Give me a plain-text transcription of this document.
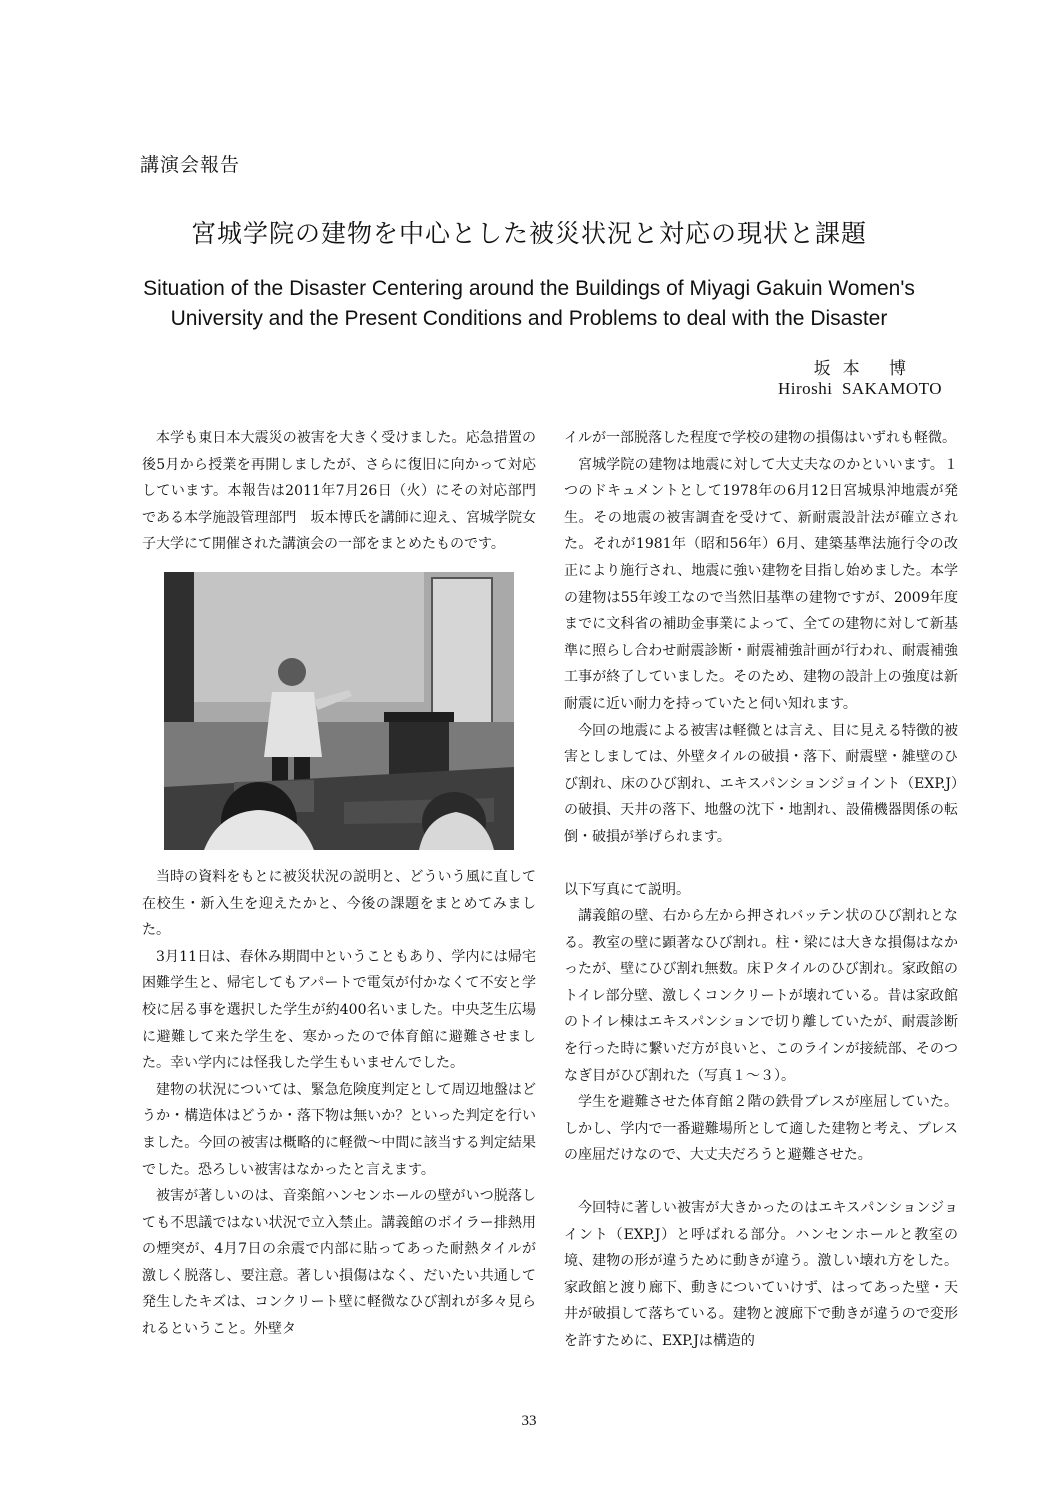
講演会報告
宮城学院の建物を中心とした被災状況と対応の現状と課題
Situation of the Disaster Centering around the Buildings of Miyagi Gakuin Women's
University and the Present Conditions and Problems to deal with the Disaster
坂本 博
Hiroshi  SAKAMOTO

本学も東日本大震災の被害を大きく受けました。応急措置の後5月から授業を再開しましたが、さらに復旧に向かって対応しています。本報告は2011年7月26日（火）にその対応部門である本学施設管理部門　坂本博氏を講師に迎え、宮城学院女子大学にて開催された講演会の一部をまとめたものです。

当時の資料をもとに被災状況の説明と、どういう風に直して在校生・新入生を迎えたかと、今後の課題をまとめてみました。

3月11日は、春休み期間中ということもあり、学内には帰宅困難学生と、帰宅してもアパートで電気が付かなくて不安と学校に居る事を選択した学生が約400名いました。中央芝生広場に避難して来た学生を、寒かったので体育館に避難させました。幸い学内には怪我した学生もいませんでした。

建物の状況については、緊急危険度判定として周辺地盤はどうか・構造体はどうか・落下物は無いか？といった判定を行いました。今回の被害は概略的に軽微〜中間に該当する判定結果でした。恐ろしい被害はなかったと言えます。

被害が著しいのは、音楽館ハンセンホールの壁がいつ脱落しても不思議ではない状況で立入禁止。講義館のボイラー排熱用の煙突が、4月7日の余震で内部に貼ってあった耐熱タイルが激しく脱落し、要注意。著しい損傷はなく、だいたい共通して発生したキズは、コンクリート壁に軽微なひび割れが多々見られるということ。外壁タ

イルが一部脱落した程度で学校の建物の損傷はいずれも軽微。

宮城学院の建物は地震に対して大丈夫なのかといいます。１つのドキュメントとして1978年の6月12日宮城県沖地震が発生。その地震の被害調査を受けて、新耐震設計法が確立された。それが1981年（昭和56年）6月、建築基準法施行令の改正により施行され、地震に強い建物を目指し始めました。本学の建物は55年竣工なので当然旧基準の建物ですが、2009年度までに文科省の補助金事業によって、全ての建物に対して新基準に照らし合わせ耐震診断・耐震補強計画が行われ、耐震補強工事が終了していました。そのため、建物の設計上の強度は新耐震に近い耐力を持っていたと伺い知れます。

今回の地震による被害は軽微とは言え、目に見える特徴的被害としましては、外壁タイルの破損・落下、耐震壁・雑壁のひび割れ、床のひび割れ、エキスパンションジョイント（EXP.J）の破損、天井の落下、地盤の沈下・地割れ、設備機器関係の転倒・破損が挙げられます。

以下写真にて説明。

講義館の壁、右から左から押されバッテン状のひび割れとなる。教室の壁に顕著なひび割れ。柱・梁には大きな損傷はなかったが、壁にひび割れ無数。床Ｐタイルのひび割れ。家政館のトイレ部分壁、激しくコンクリートが壊れている。昔は家政館のトイレ棟はエキスパンションで切り離していたが、耐震診断を行った時に繋いだ方が良いと、このラインが接続部、そのつなぎ目がひび割れた（写真１〜３）。

学生を避難させた体育館２階の鉄骨ブレスが座屈していた。しかし、学内で一番避難場所として適した建物と考え、ブレスの座屈だけなので、大丈夫だろうと避難させた。

今回特に著しい被害が大きかったのはエキスパンションジョイント（EXP.J）と呼ばれる部分。ハンセンホールと教室の境、建物の形が違うために動きが違う。激しい壊れ方をした。家政館と渡り廊下、動きについていけず、はってあった壁・天井が破損して落ちている。建物と渡廊下で動きが違うので変形を許すために、EXP.Jは構造的

33
